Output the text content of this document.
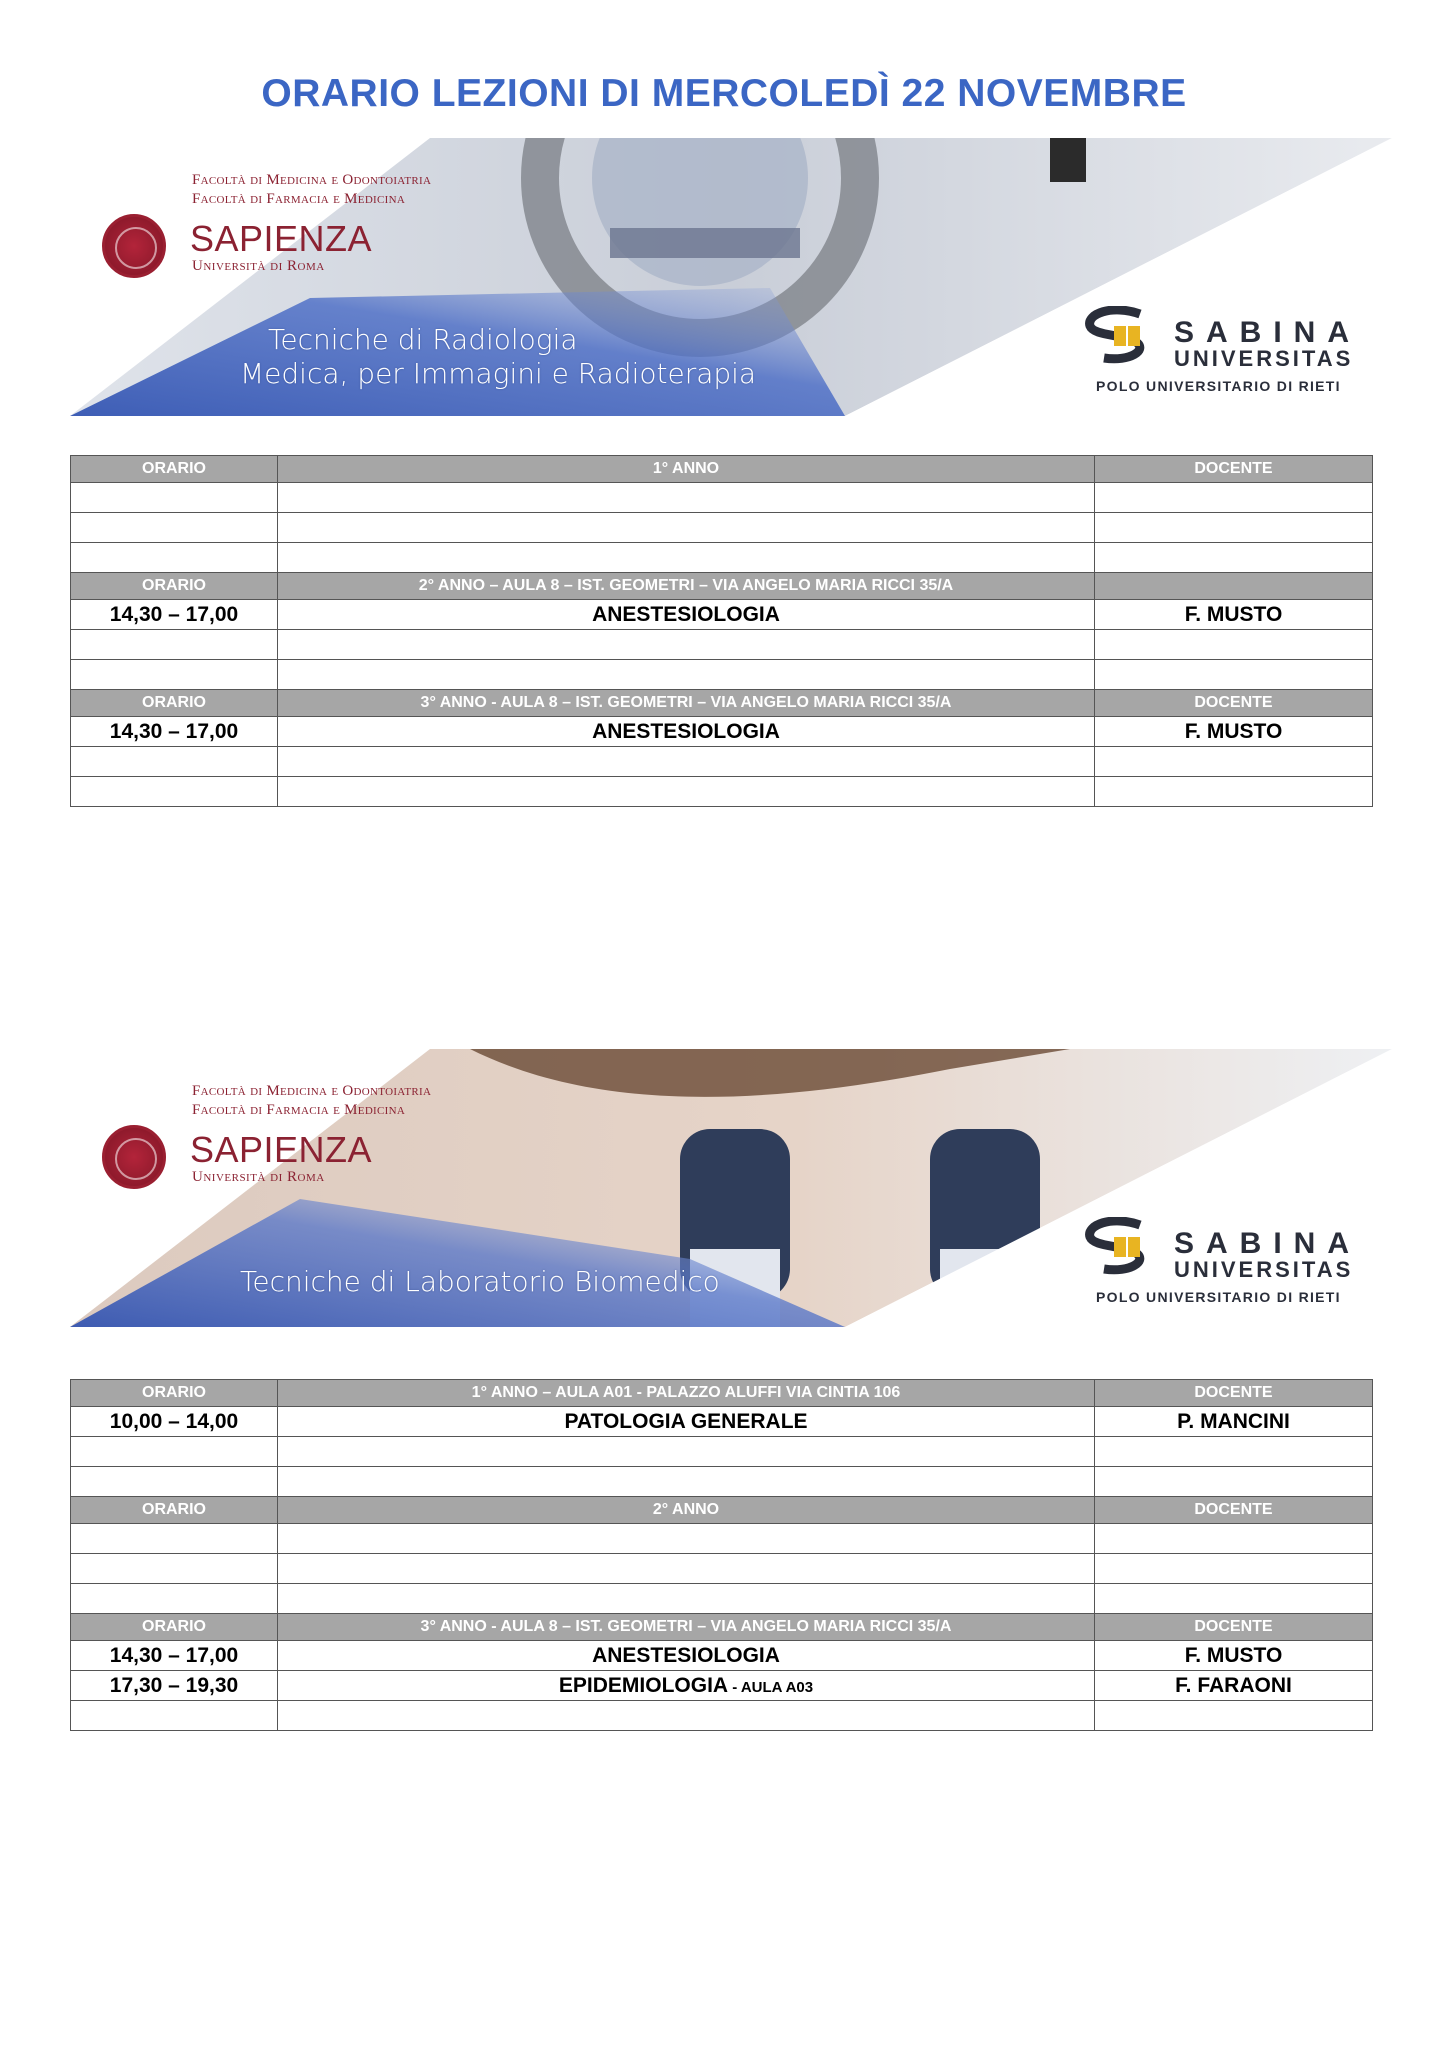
ORARIO LEZIONI DI MERCOLEDÌ 22 NOVEMBRE
Facoltà di Medicina e Odontoiatria
Facoltà di Farmacia e Medicina
SAPIENZA
Università di Roma
Tecniche di Radiologia
Medica, per Immagini e Radioterapia
SABINA
UNIVERSITAS
POLO UNIVERSITARIO DI RIETI
ORARIO	1° ANNO	DOCENTE

ORARIO	2° ANNO – AULA 8 – IST. GEOMETRI – VIA ANGELO MARIA RICCI 35/A	
14,30 – 17,00	ANESTESIOLOGIA	F. MUSTO

ORARIO	3° ANNO - AULA 8 – IST. GEOMETRI – VIA ANGELO MARIA RICCI 35/A	DOCENTE
14,30 – 17,00	ANESTESIOLOGIA	F. MUSTO

Facoltà di Medicina e Odontoiatria
Facoltà di Farmacia e Medicina
SAPIENZA
Università di Roma
Tecniche di Laboratorio Biomedico
SABINA
UNIVERSITAS
POLO UNIVERSITARIO DI RIETI
ORARIO	1° ANNO – AULA A01 - PALAZZO ALUFFI VIA CINTIA 106	DOCENTE
10,00 – 14,00	PATOLOGIA GENERALE	P. MANCINI

ORARIO	2° ANNO	DOCENTE

ORARIO	3° ANNO - AULA 8 – IST. GEOMETRI – VIA ANGELO MARIA RICCI 35/A	DOCENTE
14,30 – 17,00	ANESTESIOLOGIA	F. MUSTO
17,30 – 19,30	EPIDEMIOLOGIA - AULA A03	F. FARAONI
